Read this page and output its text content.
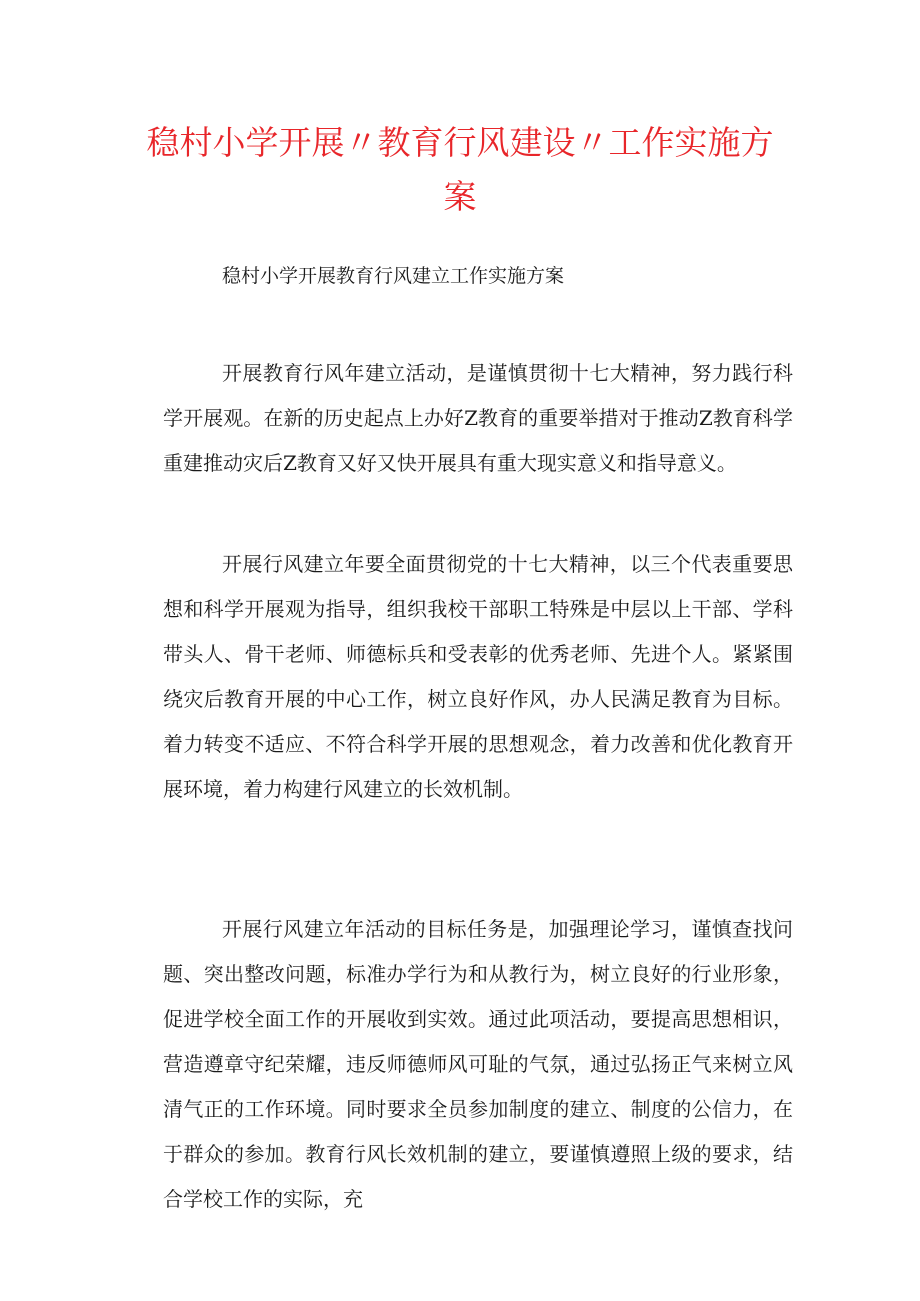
稳村小学开展〃教育行风建设〃工作实施方案
稳村小学开展教育行风建立工作实施方案

开展教育行风年建立活动，是谨慎贯彻十七大精神，努力践行科学开展观。在新的历史起点上办好Z教育的重要举措对于推动Z教育科学重建推动灾后Z教育又好又快开展具有重大现实意义和指导意义。

开展行风建立年要全面贯彻党的十七大精神，以三个代表重要思想和科学开展观为指导，组织我校干部职工特殊是中层以上干部、学科带头人、骨干老师、师德标兵和受表彰的优秀老师、先进个人。紧紧围绕灾后教育开展的中心工作，树立良好作风，办人民满足教育为目标。着力转变不适应、不符合科学开展的思想观念，着力改善和优化教育开展环境，着力构建行风建立的长效机制。

开展行风建立年活动的目标任务是，加强理论学习，谨慎查找问题、突出整改问题，标准办学行为和从教行为，树立良好的行业形象，促进学校全面工作的开展收到实效。通过此项活动，要提高思想相识，营造遵章守纪荣耀，违反师德师风可耻的气氛，通过弘扬正气来树立风清气正的工作环境。同时要求全员参加制度的建立、制度的公信力，在于群众的参加。教育行风长效机制的建立，要谨慎遵照上级的要求，结合学校工作的实际，充
